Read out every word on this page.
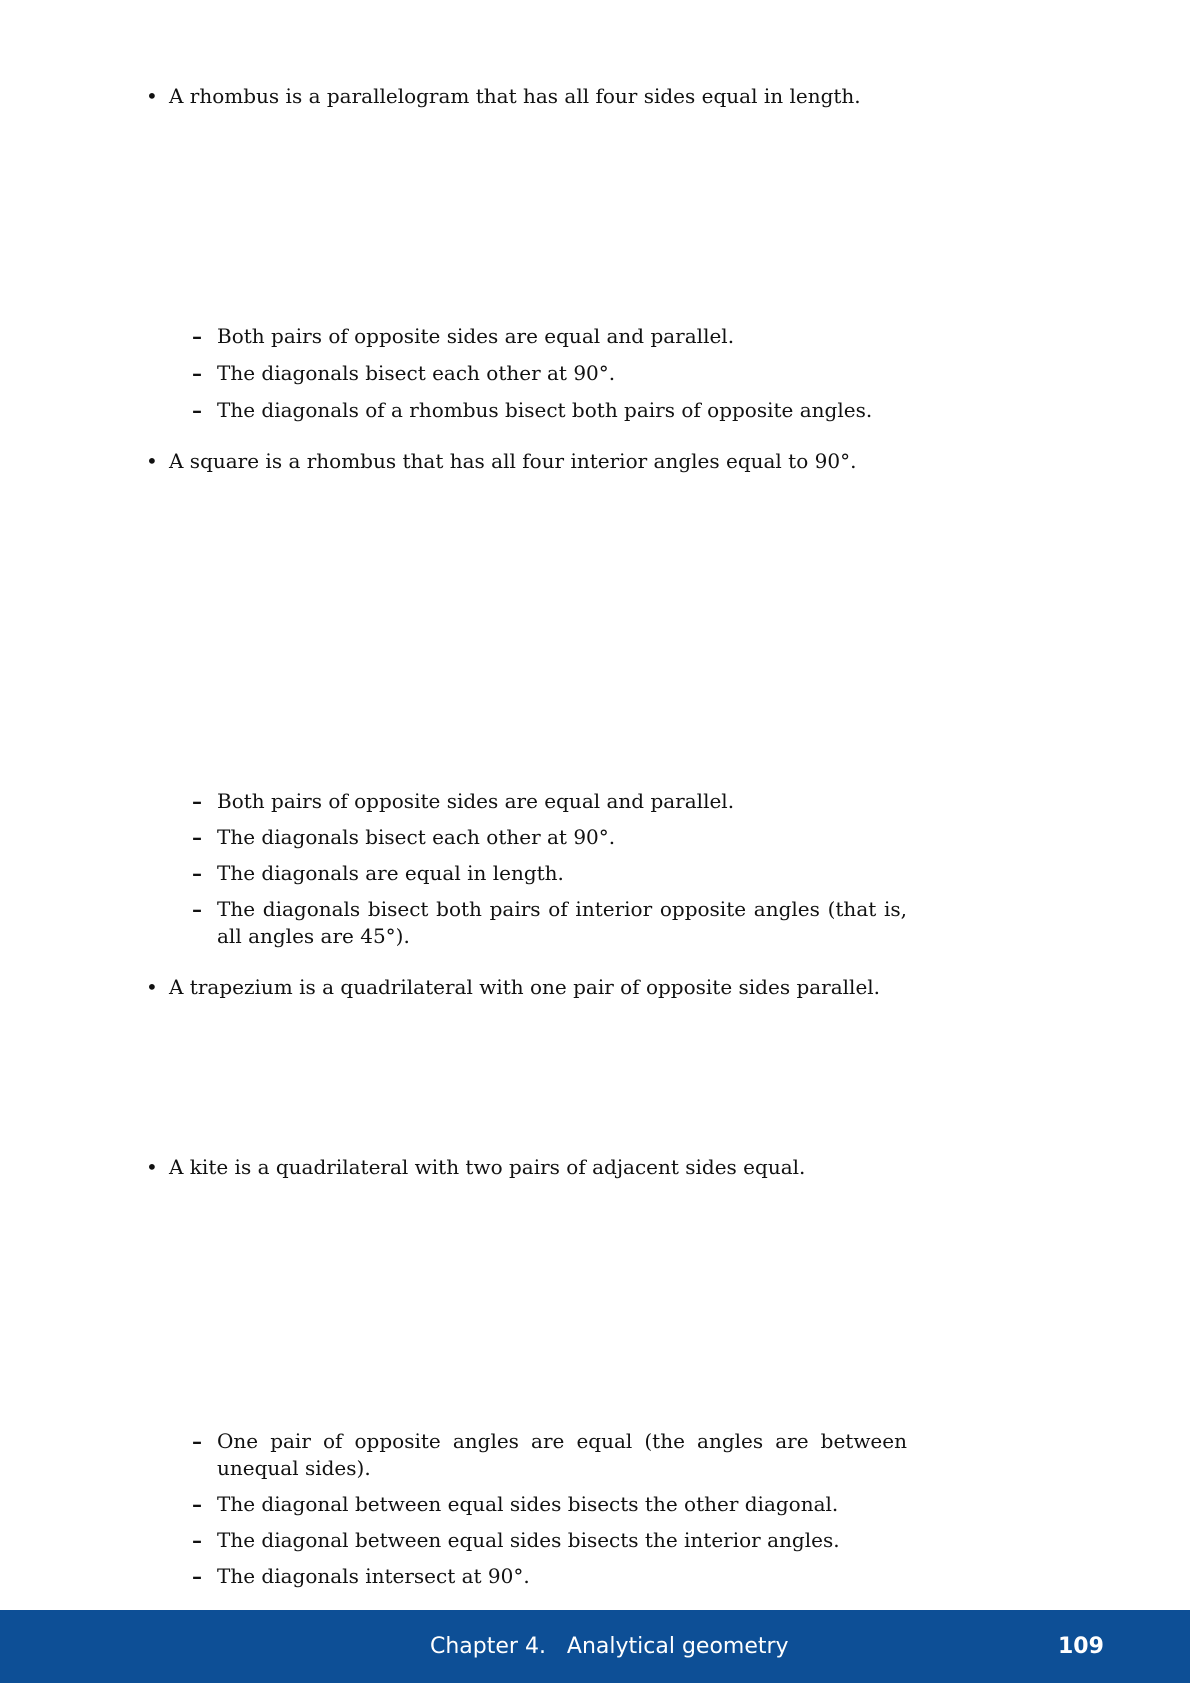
• A rhombus is a parallelogram that has all four sides equal in length.
A	B
C
D
– Both pairs of opposite sides are equal and parallel.
– The diagonals bisect each other at 90°.
– The diagonals of a rhombus bisect both pairs of opposite angles.
• A square is a rhombus that has all four interior angles equal to 90°.
A	B
C
D
– Both pairs of opposite sides are equal and parallel.
– The diagonals bisect each other at 90°.
– The diagonals are equal in length.
– The diagonals bisect both pairs of interior opposite angles (that is, all angles are 45°).
• A trapezium is a quadrilateral with one pair of opposite sides parallel.
• A kite is a quadrilateral with two pairs of adjacent sides equal.
A
B
C
D
– One pair of opposite angles are equal (the angles are between unequal sides).
– The diagonal between equal sides bisects the other diagonal.
– The diagonal between equal sides bisects the interior angles.
– The diagonals intersect at 90°.
Chapter 4.   Analytical geometry	109
